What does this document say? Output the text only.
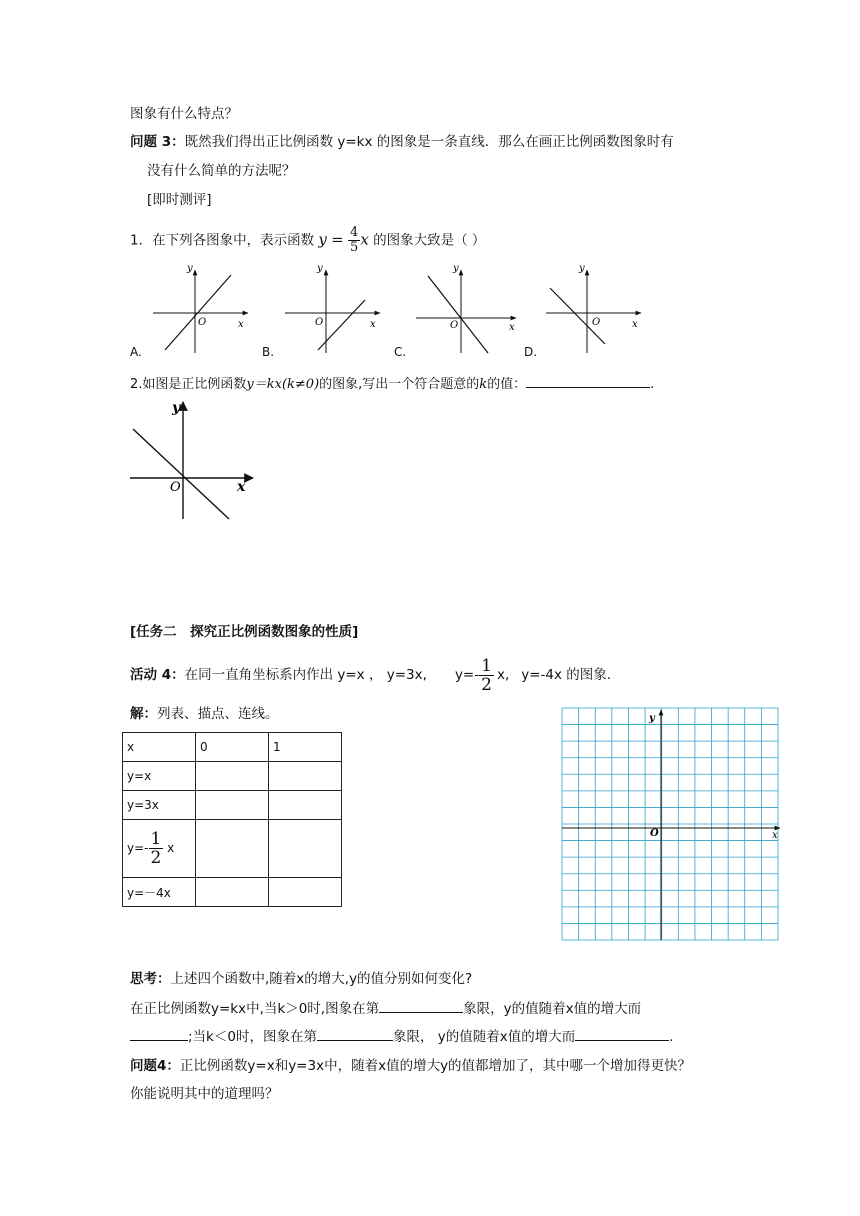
图象有什么特点？
问题 3：既然我们得出正比例函数 y=kx 的图象是一条直线．那么在画正比例函数图象时有
没有什么简单的方法呢？
[即时测评]
1．在下列各图象中，表示函数 $y = \frac{4}{5}$ x 的图象大致是（ ）
y
x
O
y
x
O
y
x
O
y
x
O
A.	B.	C.	D.
2.如图是正比例函数y＝kx(k≠0)的图象,写出一个符合题意的k的值：	.
y
x
O
[任务二　探究正比例函数图象的性质]
活动 4： 在同一直角坐标系内作出 y=x ， y=3x, $y=- \frac{1}{2} x$, y=-4x 的图象.
解：列表、描点、连线。
x	0	1
y=x		
y=3x		
$y=- \frac{1}{2}$ x		
y=－4x		
y
x
O
思考：上述四个函数中,随着x的增大,y的值分别如何变化?
在正比例函数y=kx中,当k＞0时,图象在第	象限，y的值随着x值的增大而
;当k＜0时，图象在第	象限， y的值随着x值的增大而	.
问题4：正比例函数y=x和y=3x中，随着x值的增大y的值都增加了，其中哪一个增加得更快？
你能说明其中的道理吗？
